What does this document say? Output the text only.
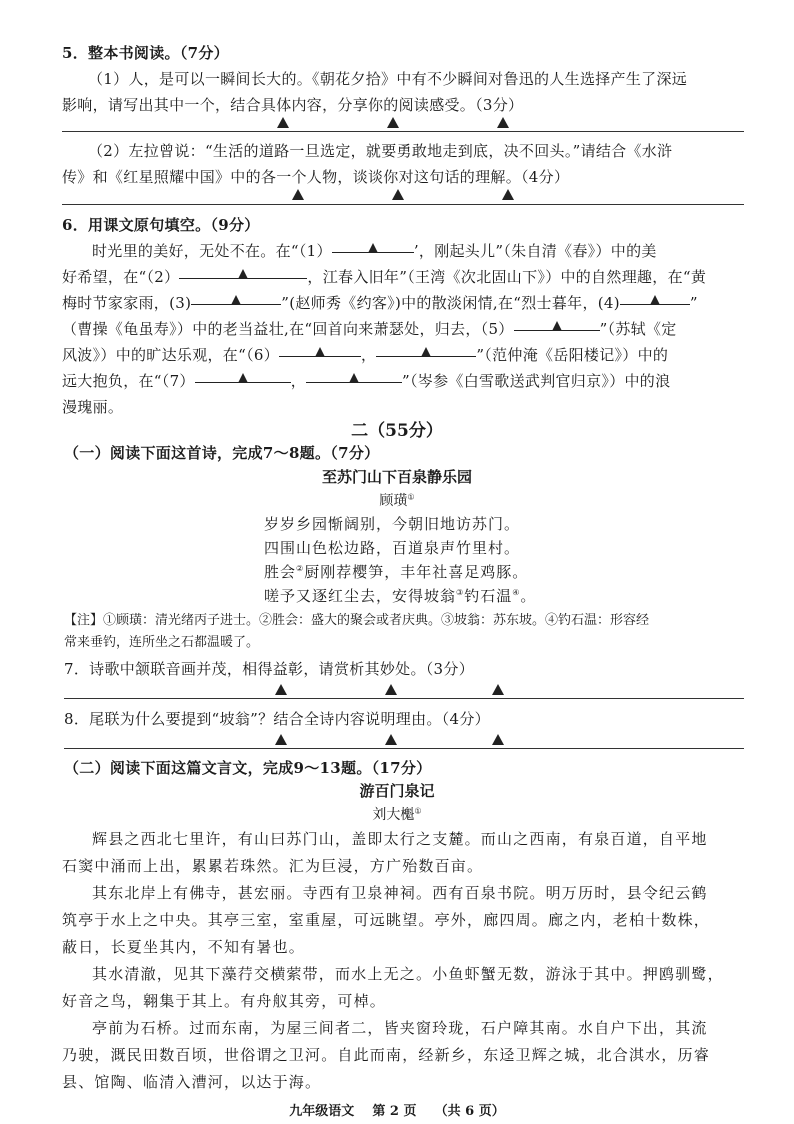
5．整本书阅读。（7分）
（1）人，是可以一瞬间长大的。《朝花夕拾》中有不少瞬间对鲁迅的人生选择产生了深远
影响，请写出其中一个，结合具体内容，分享你的阅读感受。（3分）
（2）左拉曾说：“生活的道路一旦选定，就要勇敢地走到底，决不回头。”请结合《水浒
传》和《红星照耀中国》中的各一个人物，谈谈你对这句话的理解。（4分）
6．用课文原句填空。（9分）
时光里的美好，无处不在。在“（1）	’，刚起头儿”（朱自清《春》）中的美
好希望，在“（2）	，江春入旧年”（王湾《次北固山下》）中的自然理趣，在“黄
梅时节家家雨，(3)	”(赵师秀《约客》)中的散淡闲情,在“烈士暮年，(4)	”
（曹操《龟虽寿》）中的老当益壮,在“回首向来萧瑟处，归去，（5）	”（苏轼《定
风波》）中的旷达乐观，在“（6）	，	”（范仲淹《岳阳楼记》）中的
远大抱负，在“（7）	，	”（岑参《白雪歌送武判官归京》）中的浪
漫瑰丽。
二（55分）
（一）阅读下面这首诗，完成7～8题。（7分）
至苏门山下百泉静乐园
顾璜①
岁岁乡园惭阔别，今朝旧地访苏门。
四围山色松边路，百道泉声竹里村。
胜会②厨刚荐樱笋，丰年社喜足鸡豚。
嗟予又逐红尘去，安得坡翁③钓石温④。
【注】①顾璜：清光绪丙子进士。②胜会：盛大的聚会或者庆典。③坡翁：苏东坡。④钓石温：形容经
常来垂钓，连所坐之石都温暖了。
7．诗歌中颔联音画并茂，相得益彰，请赏析其妙处。（3分）
8．尾联为什么要提到“坡翁”？结合全诗内容说明理由。（4分）
（二）阅读下面这篇文言文，完成9～13题。（17分）
游百门泉记
刘大櫆①
辉县之西北七里许，有山曰苏门山，盖即太行之支麓。而山之西南，有泉百道，自平地
石窦中涌而上出，累累若珠然。汇为巨浸，方广殆数百亩。
其东北岸上有佛寺，甚宏丽。寺西有卫泉神祠。西有百泉书院。明万历时，县令纪云鹤
筑亭于水上之中央。其亭三室，室重屋，可远眺望。亭外，廊四周。廊之内，老柏十数株，
蔽日，长夏坐其内，不知有暑也。
其水清澈，见其下藻荇交横萦带，而水上无之。小鱼虾蟹无数，游泳于其中。押鸥驯鹭，
好音之鸟，翱集于其上。有舟舣其旁，可棹。
亭前为石桥。过而东南，为屋三间者二，皆夹窗玲珑，石户障其南。水自户下出，其流
乃驶，溉民田数百顷，世俗谓之卫河。自此而南，经新乡，东迳卫辉之城，北合淇水，历睿
县、馆陶、临清入漕河，以达于海。
九年级语文 第 2 页 （共 6 页）
